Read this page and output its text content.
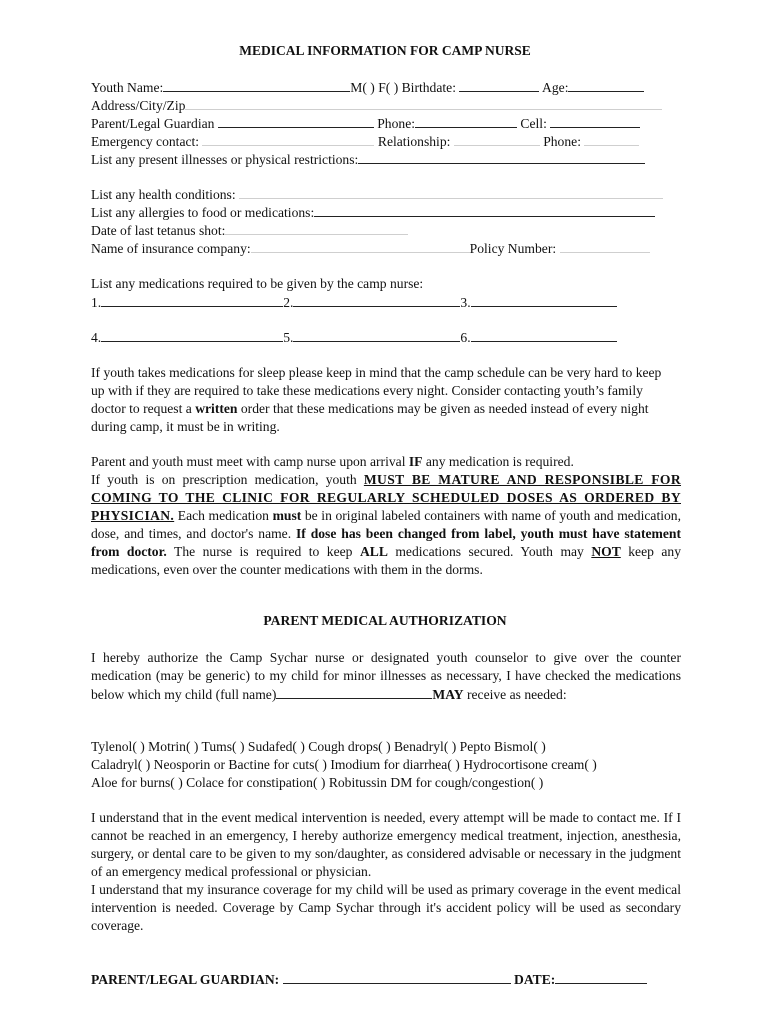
MEDICAL INFORMATION FOR CAMP NURSE
Youth Name:	M( ) F( ) Birthdate:	Age:
Address/City/Zip
Parent/Legal Guardian	Phone:	Cell:
Emergency contact:	Relationship:	Phone:
List any present illnesses or physical restrictions:
List any health conditions:
List any allergies to food or medications:
Date of last tetanus shot:
Name of insurance company:	Policy Number:
List any medications required to be given by the camp nurse:
1.	2.	3.
4.	5.	6.
If youth takes medications for sleep please keep in mind that the camp schedule can be very hard to keep up with if they are required to take these medications every night. Consider contacting youth’s family doctor to request a written order that these medications may be given as needed instead of every night during camp, it must be in writing.
Parent and youth must meet with camp nurse upon arrival IF any medication is required.
If youth is on prescription medication, youth MUST BE MATURE AND RESPONSIBLE FOR COMING TO THE CLINIC FOR REGULARLY SCHEDULED DOSES AS ORDERED BY PHYSICIAN. Each medication must be in original labeled containers with name of youth and medication, dose, and times, and doctor's name. If dose has been changed from label, youth must have statement from doctor. The nurse is required to keep ALL medications secured. Youth may NOT keep any medications, even over the counter medications with them in the dorms.
PARENT MEDICAL AUTHORIZATION
I hereby authorize the Camp Sychar nurse or designated youth counselor to give over the counter medication (may be generic) to my child for minor illnesses as necessary, I have checked the medications below which my child (full name)	MAY receive as needed:
Tylenol( ) Motrin( ) Tums( ) Sudafed( ) Cough drops( ) Benadryl( ) Pepto Bismol( )
Caladryl( ) Neosporin or Bactine for cuts( ) Imodium for diarrhea( ) Hydrocortisone cream( )
Aloe for burns( ) Colace for constipation( ) Robitussin DM for cough/congestion( )

I understand that in the event medical intervention is needed, every attempt will be made to contact me. If I cannot be reached in an emergency, I hereby authorize emergency medical treatment, injection, anesthesia, surgery, or dental care to be given to my son/daughter, as considered advisable or necessary in the judgment of an emergency medical professional or physician.

I understand that my insurance coverage for my child will be used as primary coverage in the event medical intervention is needed. Coverage by Camp Sychar through it's accident policy will be used as secondary coverage.

PARENT/LEGAL GUARDIAN:	DATE:
